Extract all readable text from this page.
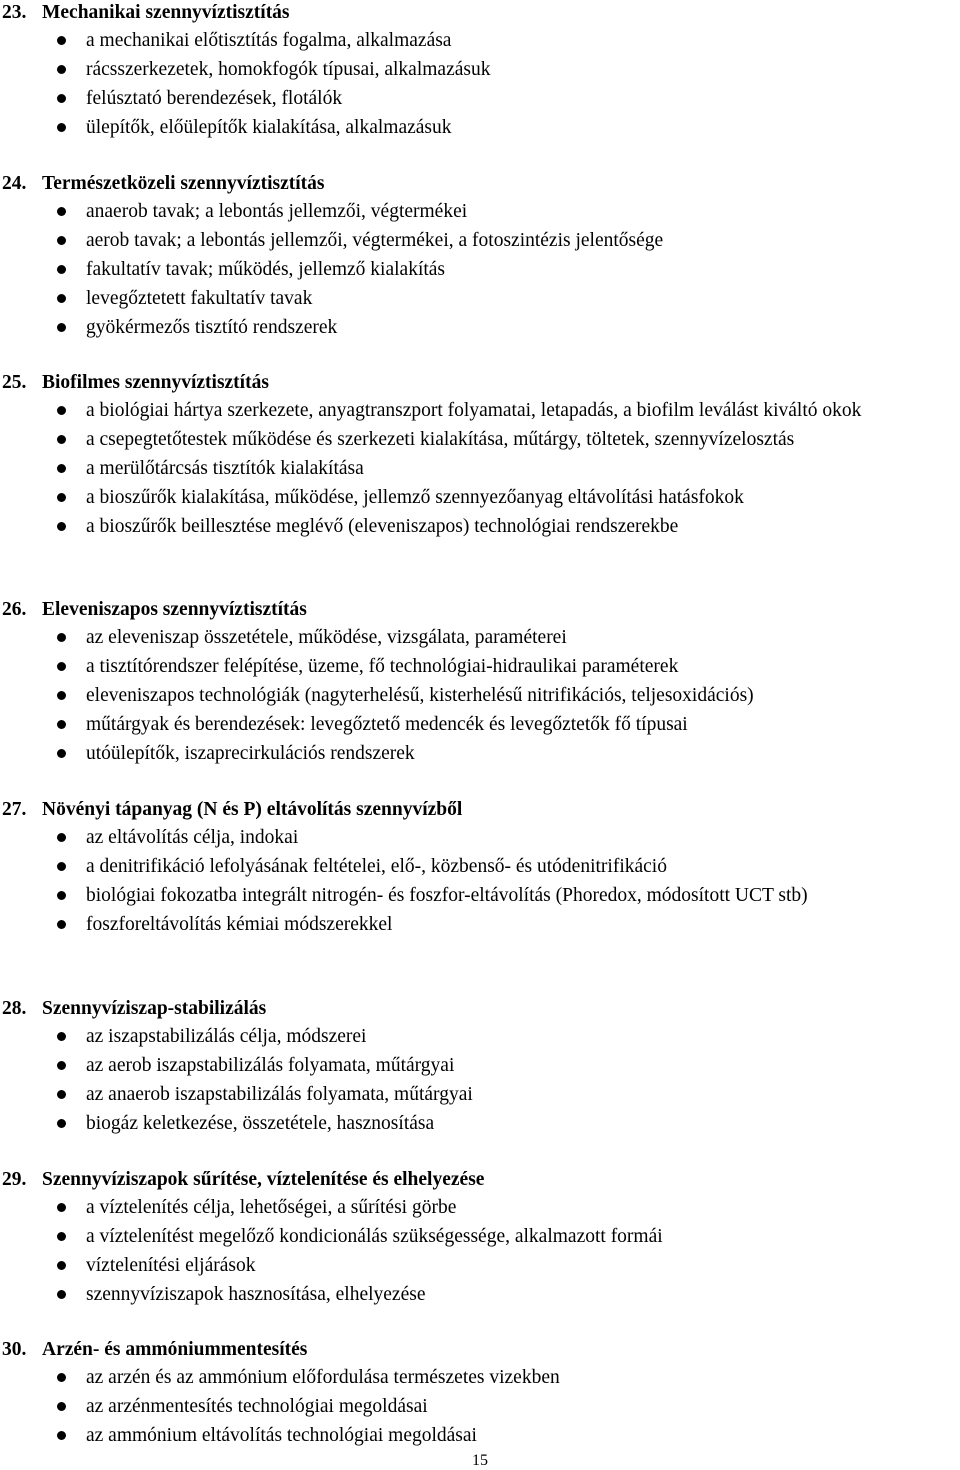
23. Mechanikai szennyvíztisztítás
a mechanikai előtisztítás fogalma, alkalmazása
rácsszerkezetek, homokfogók típusai, alkalmazásuk
felúsztató berendezések, flotálók
ülepítők, előülepítők kialakítása, alkalmazásuk
24. Természetközeli szennyvíztisztítás
anaerob tavak; a lebontás jellemzői, végtermékei
aerob tavak; a lebontás jellemzői, végtermékei, a fotoszintézis jelentősége
fakultatív tavak; működés, jellemző kialakítás
levegőztetett fakultatív tavak
gyökérmezős tisztító rendszerek
25. Biofilmes szennyvíztisztítás
a biológiai hártya szerkezete, anyagtranszport folyamatai, letapadás, a biofilm leválást kiváltó okok
a csepegtetőtestek működése és szerkezeti kialakítása, műtárgy, töltetek, szennyvízelosztás
a merülőtárcsás tisztítók kialakítása
a bioszűrők kialakítása, működése, jellemző szennyezőanyag eltávolítási hatásfokok
a bioszűrők beillesztése meglévő (eleveniszapos) technológiai rendszerekbe
26. Eleveniszapos szennyvíztisztítás
az eleveniszap összetétele, működése, vizsgálata, paraméterei
a tisztítórendszer felépítése, üzeme, fő technológiai-hidraulikai paraméterek
eleveniszapos technológiák (nagyterhelésű, kisterhelésű nitrifikációs, teljesoxidációs)
műtárgyak és berendezések: levegőztető medencék és levegőztetők fő típusai
utóülepítők, iszaprecirkulációs rendszerek
27. Növényi tápanyag (N és P) eltávolítás szennyvízből
az eltávolítás célja, indokai
a denitrifikáció lefolyásának feltételei, elő-, közbenső- és utódenitrifikáció
biológiai fokozatba integrált nitrogén- és foszfor-eltávolítás (Phoredox, módosított UCT stb)
foszforeltávolítás kémiai módszerekkel
28. Szennyvíziszap-stabilizálás
az iszapstabilizálás célja, módszerei
az aerob iszapstabilizálás folyamata, műtárgyai
az anaerob iszapstabilizálás folyamata, műtárgyai
biogáz keletkezése, összetétele, hasznosítása
29. Szennyvíziszapok sűrítése, víztelenítése és elhelyezése
a víztelenítés célja, lehetőségei, a sűrítési görbe
a víztelenítést megelőző kondicionálás szükségessége, alkalmazott formái
víztelenítési eljárások
szennyvíziszapok hasznosítása, elhelyezése
30. Arzén- és ammóniummentesítés
az arzén és az ammónium előfordulása természetes vizekben
az arzénmentesítés technológiai megoldásai
az ammónium eltávolítás technológiai megoldásai
15
